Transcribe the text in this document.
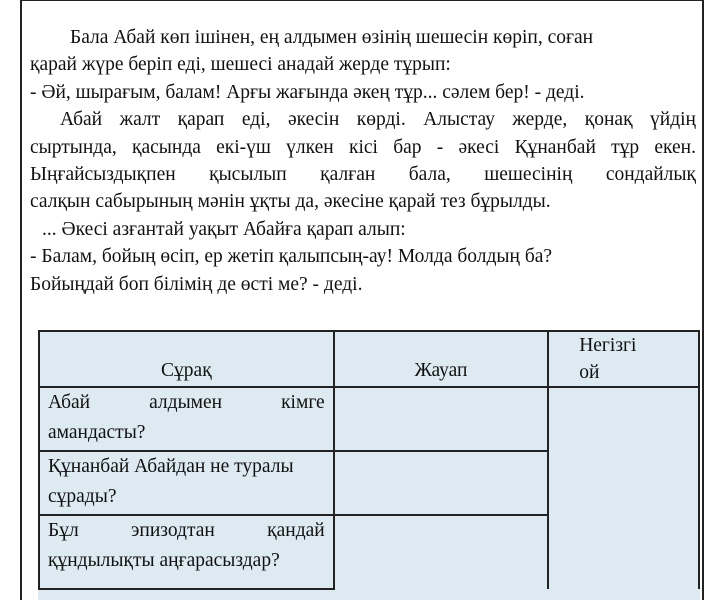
Бала Абай көп ішінен, ең алдымен өзінің шешесін көріп, соған
қарай жүре беріп еді, шешесі анадай жерде тұрып:
- Әй, шырағым, балам! Арғы жағында әкең тұр... сәлем бер! - деді.
Абай жалт қарап еді, әкесін көрді. Алыстау жерде, қонақ үйдің
сыртында, қасында екі-үш үлкен кісі бар - әкесі Құнанбай тұр екен.
Ыңғайсыздықпен қысылып қалған бала, шешесінің сондайлық
салқын сабырының мәнін ұқты да, әкесіне қарай тез бұрылды.
... Әкесі азғантай уақыт Абайға қарап алып:
- Балам, бойың өсіп, ер жетіп қалыпсың-ау! Молда болдың ба?
Бойыңдай боп білімің де өсті ме? - деді.
Сұрақ	Жауап	Негізгі
ой

Абай алдымен кімге
амандасты?		

Құнанбай Абайдан не туралы
сұрады?		

Бұл эпизодтан қандай
құндылықты аңғарасыздар?		
